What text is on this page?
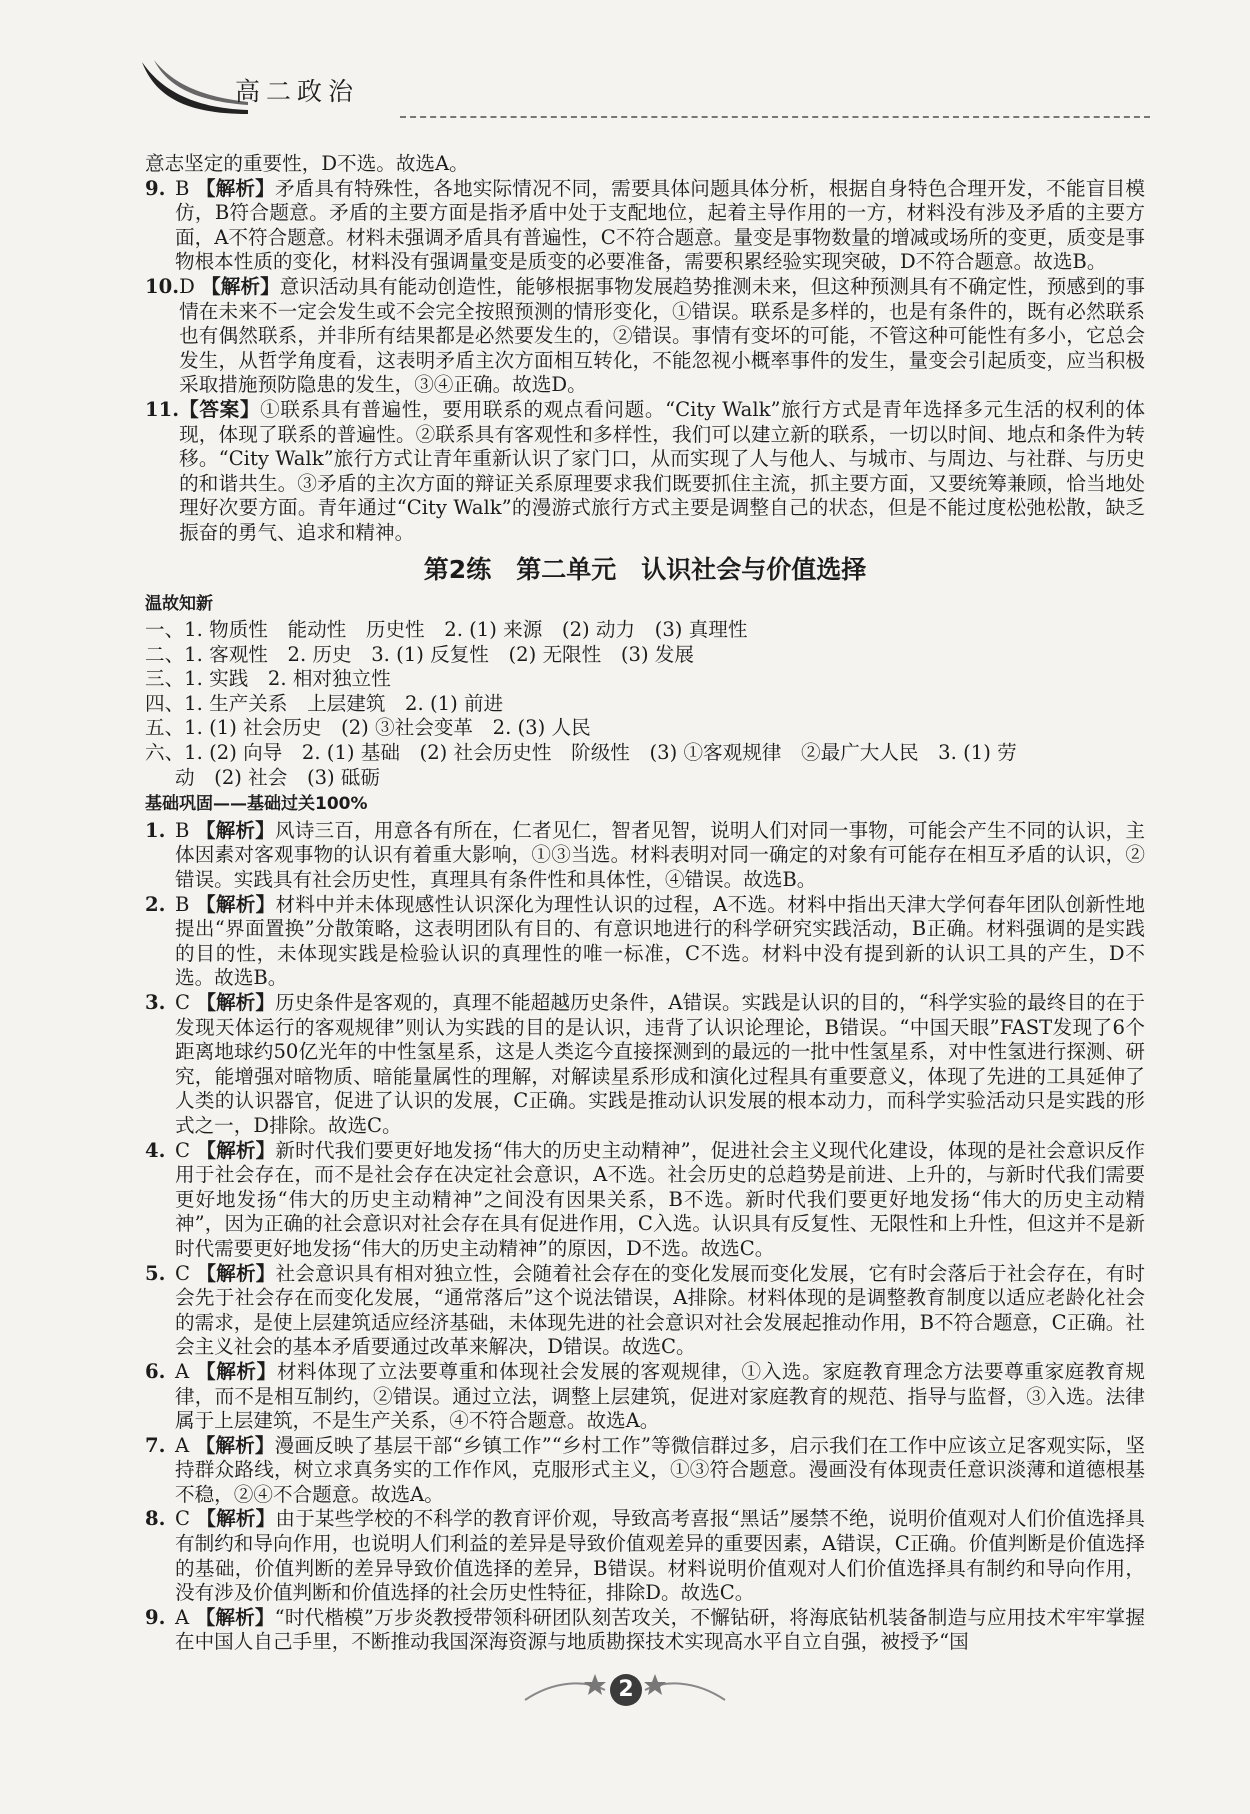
高二政治

意志坚定的重要性，D不选。故选A。

9. B 【解析】矛盾具有特殊性，各地实际情况不同，需要具体问题具体分析，根据自身特色合理开发，不能盲目模仿，B符合题意。矛盾的主要方面是指矛盾中处于支配地位，起着主导作用的一方，材料没有涉及矛盾的主要方面，A不符合题意。材料未强调矛盾具有普遍性，C不符合题意。量变是事物数量的增减或场所的变更，质变是事物根本性质的变化，材料没有强调量变是质变的必要准备，需要积累经验实现突破，D不符合题意。故选B。
10. D 【解析】意识活动具有能动创造性，能够根据事物发展趋势推测未来，但这种预测具有不确定性，预感到的事情在未来不一定会发生或不会完全按照预测的情形变化，①错误。联系是多样的，也是有条件的，既有必然联系也有偶然联系，并非所有结果都是必然要发生的，②错误。事情有变坏的可能，不管这种可能性有多小，它总会发生，从哲学角度看，这表明矛盾主次方面相互转化，不能忽视小概率事件的发生，量变会引起质变，应当积极采取措施预防隐患的发生，③④正确。故选D。
11. 【答案】①联系具有普遍性，要用联系的观点看问题。“City Walk”旅行方式是青年选择多元生活的权利的体现，体现了联系的普遍性。②联系具有客观性和多样性，我们可以建立新的联系，一切以时间、地点和条件为转移。“City Walk”旅行方式让青年重新认识了家门口，从而实现了人与他人、与城市、与周边、与社群、与历史的和谐共生。③矛盾的主次方面的辩证关系原理要求我们既要抓住主流，抓主要方面，又要统筹兼顾，恰当地处理好次要方面。青年通过“City Walk”的漫游式旅行方式主要是调整自己的状态，但是不能过度松弛松散，缺乏振奋的勇气、追求和精神。
第2练　第二单元　认识社会与价值选择
温故知新

一、1. 物质性　能动性　历史性　2. (1) 来源　(2) 动力　(3) 真理性

二、1. 客观性　2. 历史　3. (1) 反复性　(2) 无限性　(3) 发展

三、1. 实践　2. 相对独立性

四、1. 生产关系　上层建筑　2. (1) 前进

五、1. (1) 社会历史　(2) ③社会变革　2. (3) 人民

六、1. (2) 向导　2. (1) 基础　(2) 社会历史性　阶级性　(3) ①客观规律　②最广大人民　3. (1) 劳

动　(2) 社会　(3) 砥砺

基础巩固——基础过关100%
1. B 【解析】风诗三百，用意各有所在，仁者见仁，智者见智，说明人们对同一事物，可能会产生不同的认识，主体因素对客观事物的认识有着重大影响，①③当选。材料表明对同一确定的对象有可能存在相互矛盾的认识，②错误。实践具有社会历史性，真理具有条件性和具体性，④错误。故选B。
2. B 【解析】材料中并未体现感性认识深化为理性认识的过程，A不选。材料中指出天津大学何春年团队创新性地提出“界面置换”分散策略，这表明团队有目的、有意识地进行的科学研究实践活动，B正确。材料强调的是实践的目的性，未体现实践是检验认识的真理性的唯一标准，C不选。材料中没有提到新的认识工具的产生，D不选。故选B。
3. C 【解析】历史条件是客观的，真理不能超越历史条件，A错误。实践是认识的目的，“科学实验的最终目的在于发现天体运行的客观规律”则认为实践的目的是认识，违背了认识论理论，B错误。“中国天眼”FAST发现了6个距离地球约50亿光年的中性氢星系，这是人类迄今直接探测到的最远的一批中性氢星系，对中性氢进行探测、研究，能增强对暗物质、暗能量属性的理解，对解读星系形成和演化过程具有重要意义，体现了先进的工具延伸了人类的认识器官，促进了认识的发展，C正确。实践是推动认识发展的根本动力，而科学实验活动只是实践的形式之一，D排除。故选C。
4. C 【解析】新时代我们要更好地发扬“伟大的历史主动精神”，促进社会主义现代化建设，体现的是社会意识反作用于社会存在，而不是社会存在决定社会意识，A不选。社会历史的总趋势是前进、上升的，与新时代我们需要更好地发扬“伟大的历史主动精神”之间没有因果关系，B不选。新时代我们要更好地发扬“伟大的历史主动精神”，因为正确的社会意识对社会存在具有促进作用，C入选。认识具有反复性、无限性和上升性，但这并不是新时代需要更好地发扬“伟大的历史主动精神”的原因，D不选。故选C。
5. C 【解析】社会意识具有相对独立性，会随着社会存在的变化发展而变化发展，它有时会落后于社会存在，有时会先于社会存在而变化发展，“通常落后”这个说法错误，A排除。材料体现的是调整教育制度以适应老龄化社会的需求，是使上层建筑适应经济基础，未体现先进的社会意识对社会发展起推动作用，B不符合题意，C正确。社会主义社会的基本矛盾要通过改革来解决，D错误。故选C。
6. A 【解析】材料体现了立法要尊重和体现社会发展的客观规律，①入选。家庭教育理念方法要尊重家庭教育规律，而不是相互制约，②错误。通过立法，调整上层建筑，促进对家庭教育的规范、指导与监督，③入选。法律属于上层建筑，不是生产关系，④不符合题意。故选A。
7. A 【解析】漫画反映了基层干部“乡镇工作”“乡村工作”等微信群过多，启示我们在工作中应该立足客观实际，坚持群众路线，树立求真务实的工作作风，克服形式主义，①③符合题意。漫画没有体现责任意识淡薄和道德根基不稳，②④不合题意。故选A。
8. C 【解析】由于某些学校的不科学的教育评价观，导致高考喜报“黑话”屡禁不绝，说明价值观对人们价值选择具有制约和导向作用，也说明人们利益的差异是导致价值观差异的重要因素，A错误，C正确。价值判断是价值选择的基础，价值判断的差异导致价值选择的差异，B错误。材料说明价值观对人们价值选择具有制约和导向作用，没有涉及价值判断和价值选择的社会历史性特征，排除D。故选C。
9. A 【解析】“时代楷模”万步炎教授带领科研团队刻苦攻关，不懈钻研，将海底钻机装备制造与应用技术牢牢掌握在中国人自己手里，不断推动我国深海资源与地质勘探技术实现高水平自立自强，被授予“国
2
